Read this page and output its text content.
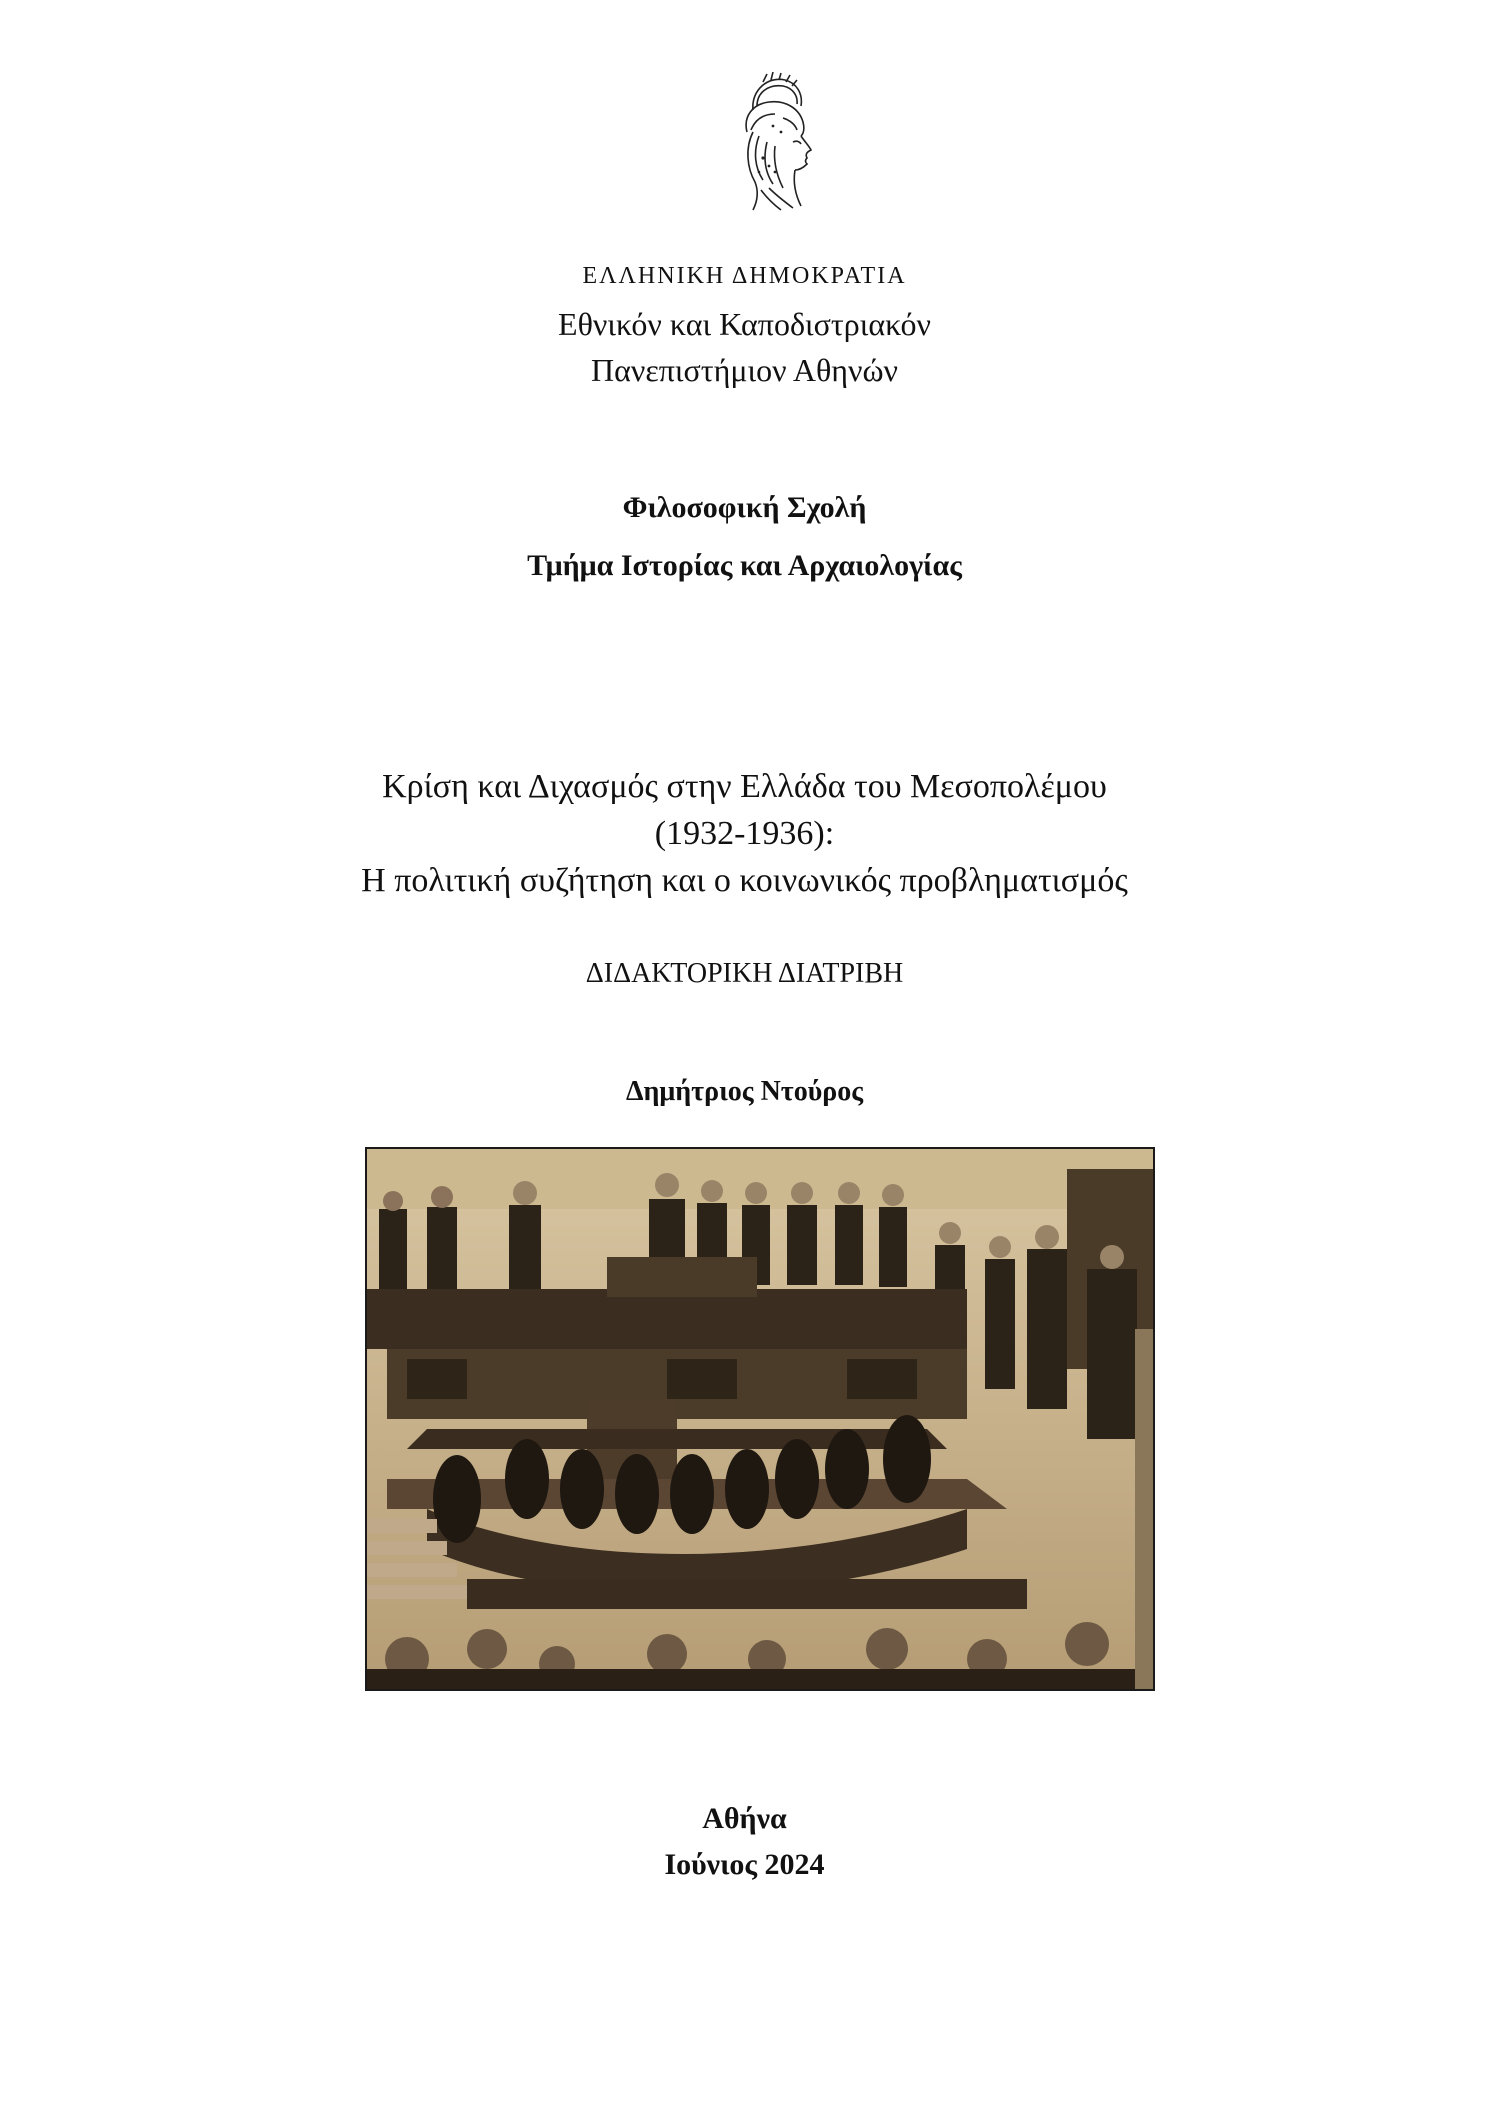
ΕΛΛΗΝΙΚΗ ΔΗΜΟΚΡΑΤΙΑ
Εθνικόν και Καποδιστριακόν
Πανεπιστήμιον Αθηνών
Φιλοσοφική Σχολή
Τμήμα Ιστορίας και Αρχαιολογίας
Κρίση και Διχασμός στην Ελλάδα του Μεσοπολέμου
(1932-1936):
Η πολιτική συζήτηση και ο κοινωνικός προβληματισμός
ΔΙΔΑΚΤΟΡΙΚΗ ΔΙΑΤΡΙΒΗ
Δημήτριος Ντούρος
Αθήνα
Ιούνιος 2024
